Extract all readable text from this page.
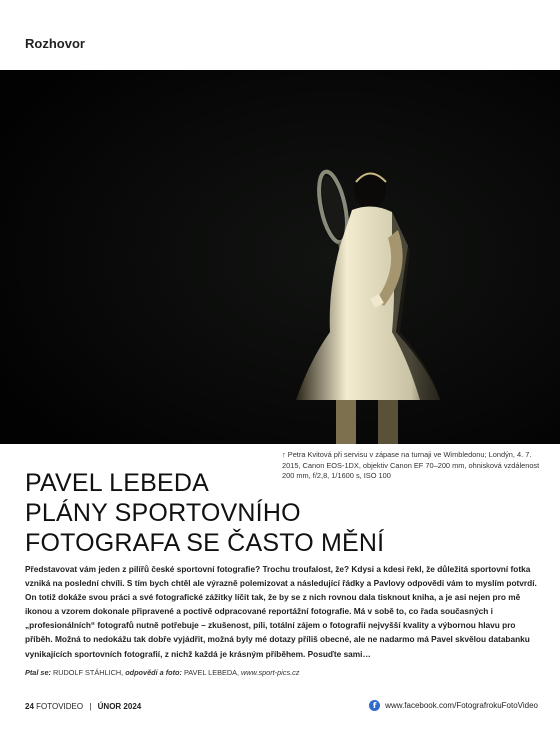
Rozhovor
↑ Petra Kvitová při servisu v zápase na turnaji ve Wimbledonu; Londýn, 4. 7. 2015, Canon EOS-1DX, objektiv Canon EF 70–200 mm, ohnisková vzdálenost 200 mm, f/2,8, 1/1600 s, ISO 100
PAVEL LEBEDA
PLÁNY SPORTOVNÍHO
FOTOGRAFA SE ČASTO MĚNÍ

Představovat vám jeden z pilířů české sportovní fotografie? Trochu troufalost, že? Kdysi a kdesi řekl, že důležitá sportovní fotka vzniká na poslední chvíli. S tím bych chtěl ale výrazně polemizovat a následující řádky a Pavlovy odpovědi vám to myslím potvrdí. On totiž dokáže svou práci a své fotografické zážitky líčit tak, že by se z nich rovnou dala tisknout kniha, a je asi nejen pro mě ikonou a vzorem dokonale připravené a poctivě odpracované reportážní fotografie. Má v sobě to, co řada současných i „profesionálních“ fotografů nutně potřebuje – zkušenost, píli, totální zájem o fotografii nejvyšší kvality a výbornou hlavu pro příběh. Možná to nedokážu tak dobře vyjádřit, možná byly mé dotazy příliš obecné, ale ne nadarmo má Pavel skvělou databanku vynikajících sportovních fotografií, z nichž každá je krásným příběhem. Posuďte sami…

Ptal se: RUDOLF STÁHLICH, odpovědi a foto: PAVEL LEBEDA, www.sport-pics.cz
24 FOTOVIDEO | ÚNOR 2024	f	www.facebook.com/FotografrokuFotoVideo
